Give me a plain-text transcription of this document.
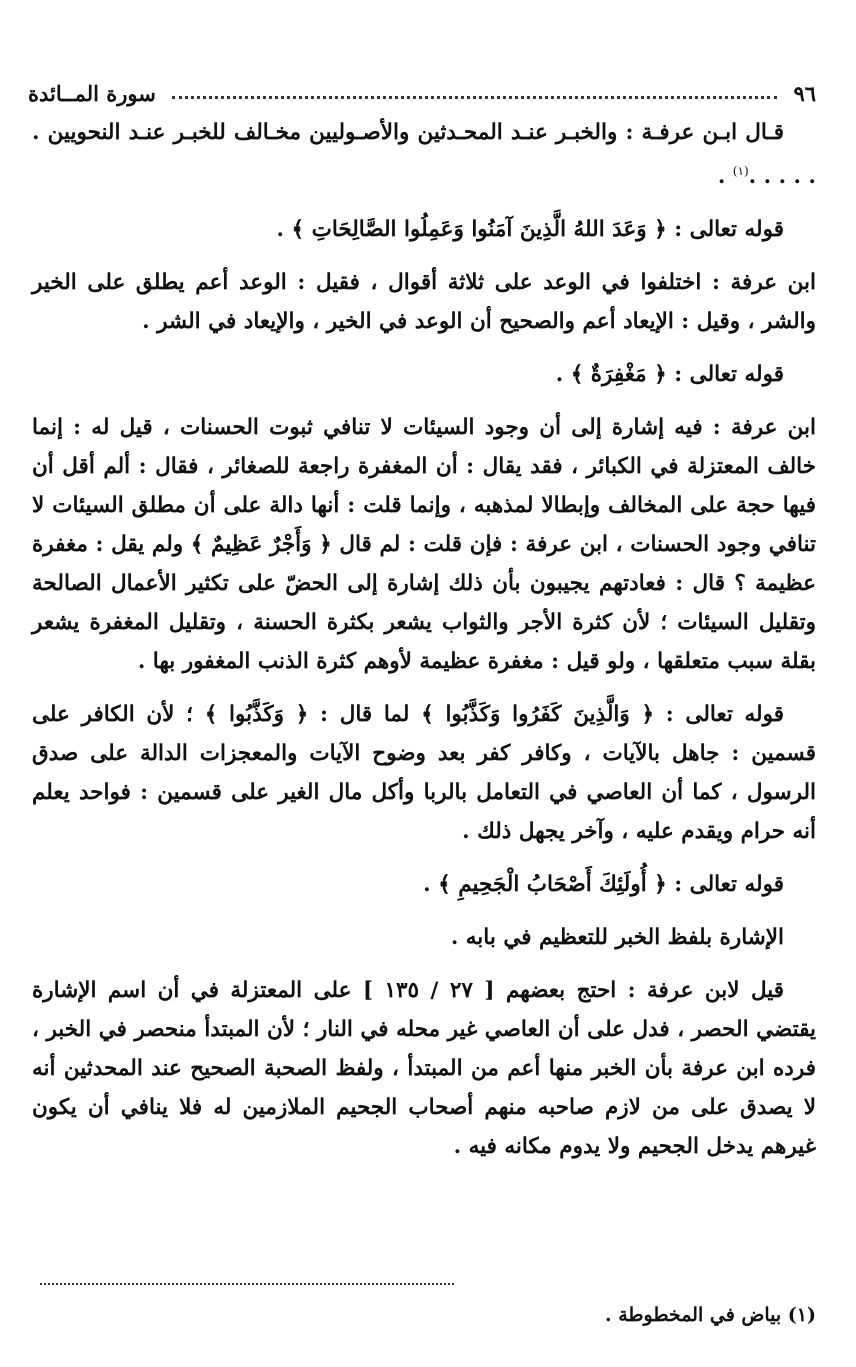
٩٦
سورة المــائدة

قـال ابـن عرفـة : والخبـر عنـد المحـدثين والأصـوليين مخـالف للخبـر عنـد النحويين . . . . . .$^{(١)}$ .

قوله تعالى : ﴿ وَعَدَ اللهُ الَّذِينَ آمَنُوا وَعَمِلُوا الصَّالِحَاتِ ﴾ .

ابن عرفة : اختلفوا في الوعد على ثلاثة أقوال ، فقيل : الوعد أعم يطلق على الخير والشر ، وقيل : الإيعاد أعم والصحيح أن الوعد في الخير ، والإيعاد في الشر .

قوله تعالى : ﴿ مَغْفِرَةٌ ﴾ .

ابن عرفة : فيه إشارة إلى أن وجود السيئات لا تنافي ثبوت الحسنات ، قيل له : إنما خالف المعتزلة في الكبائر ، فقد يقال : أن المغفرة راجعة للصغائر ، فقال : ألم أقل أن فيها حجة على المخالف وإبطالا لمذهبه ، وإنما قلت : أنها دالة على أن مطلق السيئات لا تنافي وجود الحسنات ، ابن عرفة : فإن قلت : لم قال ﴿ وَأَجْرٌ عَظِيمٌ ﴾ ولم يقل : مغفرة عظيمة ؟ قال : فعادتهم يجيبون بأن ذلك إشارة إلى الحضّ على تكثير الأعمال الصالحة وتقليل السيئات ؛ لأن كثرة الأجر والثواب يشعر بكثرة الحسنة ، وتقليل المغفرة يشعر بقلة سبب متعلقها ، ولو قيل : مغفرة عظيمة لأوهم كثرة الذنب المغفور بها .

قوله تعالى : ﴿ وَالَّذِينَ كَفَرُوا وَكَذَّبُوا ﴾ لما قال : ﴿ وَكَذَّبُوا ﴾ ؛ لأن الكافر على قسمين : جاهل بالآيات ، وكافر كفر بعد وضوح الآيات والمعجزات الدالة على صدق الرسول ، كما أن العاصي في التعامل بالربا وأكل مال الغير على قسمين : فواحد يعلم أنه حرام ويقدم عليه ، وآخر يجهل ذلك .

قوله تعالى : ﴿ أُولَئِكَ أَصْحَابُ الْجَحِيمِ ﴾ .

الإشارة بلفظ الخبر للتعظيم في بابه .

قيل لابن عرفة : احتج بعضهم [ ٢٧ / ١٣٥ ] على المعتزلة في أن اسم الإشارة يقتضي الحصر ، فدل على أن العاصي غير محله في النار ؛ لأن المبتدأ منحصر في الخبر ، فرده ابن عرفة بأن الخبر منها أعم من المبتدأ ، ولفظ الصحبة الصحيح عند المحدثين أنه لا يصدق على من لازم صاحبه منهم أصحاب الجحيم الملازمين له فلا ينافي أن يكون غيرهم يدخل الجحيم ولا يدوم مكانه فيه .

(١) بياض في المخطوطة .
